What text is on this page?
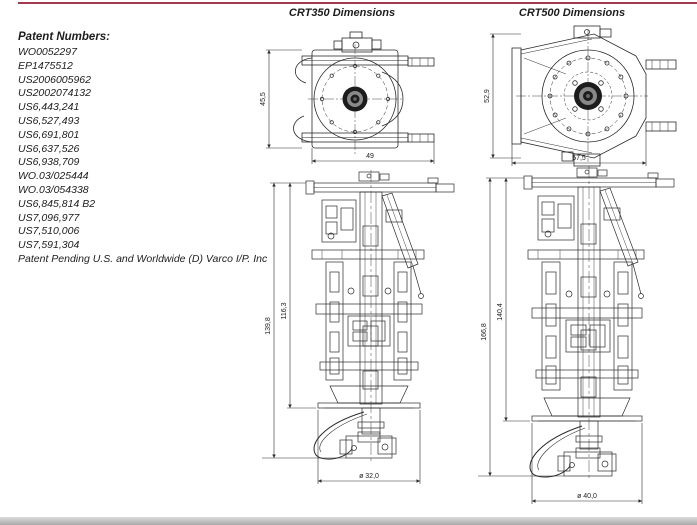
Patent Numbers:
WO0052297
EP1475512
US2006005962
US2002074132
US6,443,241
US6,527,493
US6,691,801
US6,637,526
US6,938,709
WO.03/025444
WO.03/054338
US6,845,814 B2
US7,096,977
US7,510,006
US7,591,304
Patent Pending U.S. and Worldwide (D) Varco I/P. Inc
CRT350 Dimensions	CRT500 Dimensions
45,5
49
52,9
57,5
139,8
116,3
ø 32,0
166,8
140,4
ø 40,0
